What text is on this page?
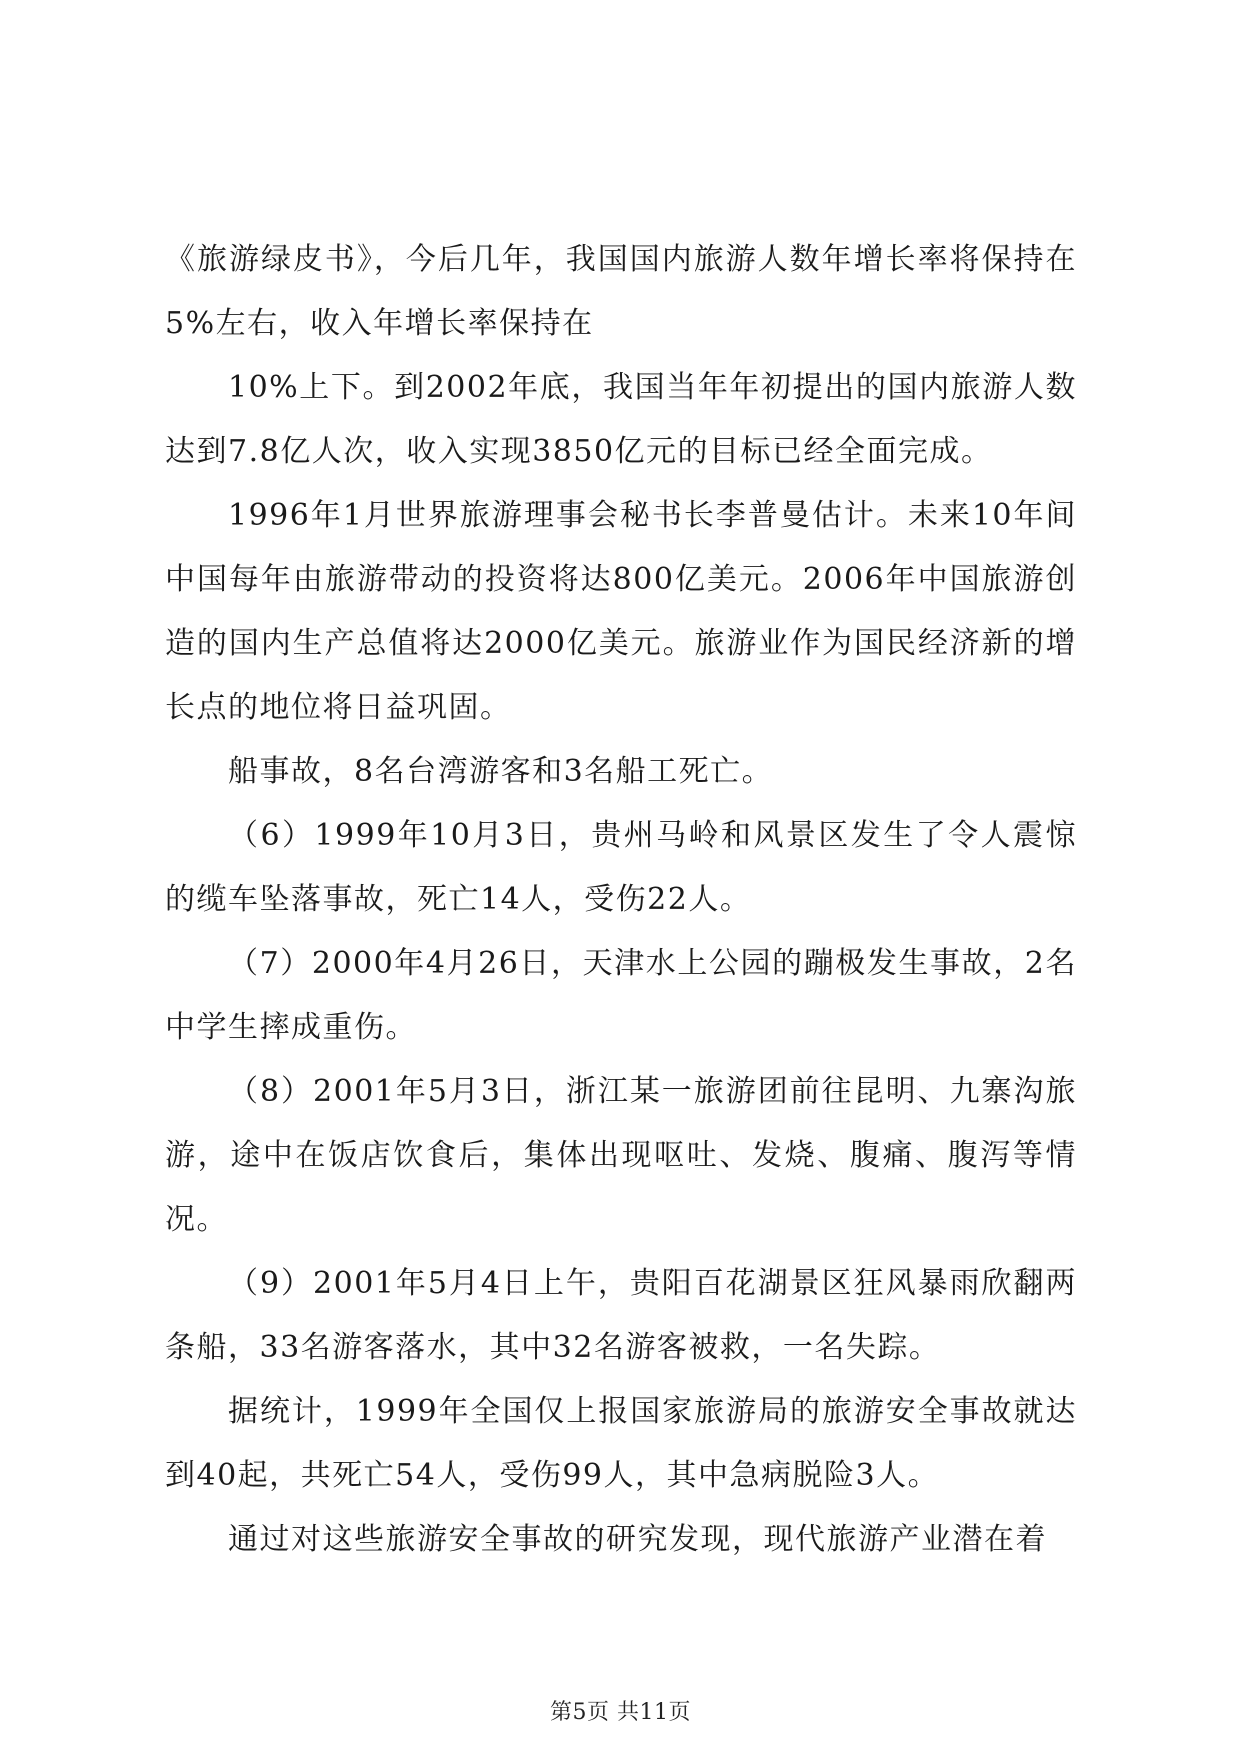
《旅游绿皮书》，今后几年，我国国内旅游人数年增长率将保持在5%左右，收入年增长率保持在

10%上下。到2002年底，我国当年年初提出的国内旅游人数达到7.8亿人次，收入实现3850亿元的目标已经全面完成。

1996年1月世界旅游理事会秘书长李普曼估计。未来10年间中国每年由旅游带动的投资将达800亿美元。2006年中国旅游创造的国内生产总值将达2000亿美元。旅游业作为国民经济新的增长点的地位将日益巩固。

船事故，8名台湾游客和3名船工死亡。

（6）1999年10月3日，贵州马岭和风景区发生了令人震惊的缆车坠落事故，死亡14人，受伤22人。

（7）2000年4月26日，天津水上公园的蹦极发生事故，2名中学生摔成重伤。

（8）2001年5月3日，浙江某一旅游团前往昆明、九寨沟旅游，途中在饭店饮食后，集体出现呕吐、发烧、腹痛、腹泻等情况。

（9）2001年5月4日上午，贵阳百花湖景区狂风暴雨欣翻两条船，33名游客落水，其中32名游客被救，一名失踪。

据统计，1999年全国仅上报国家旅游局的旅游安全事故就达到40起，共死亡54人，受伤99人，其中急病脱险3人。

通过对这些旅游安全事故的研究发现，现代旅游产业潜在着

第5页 共11页
